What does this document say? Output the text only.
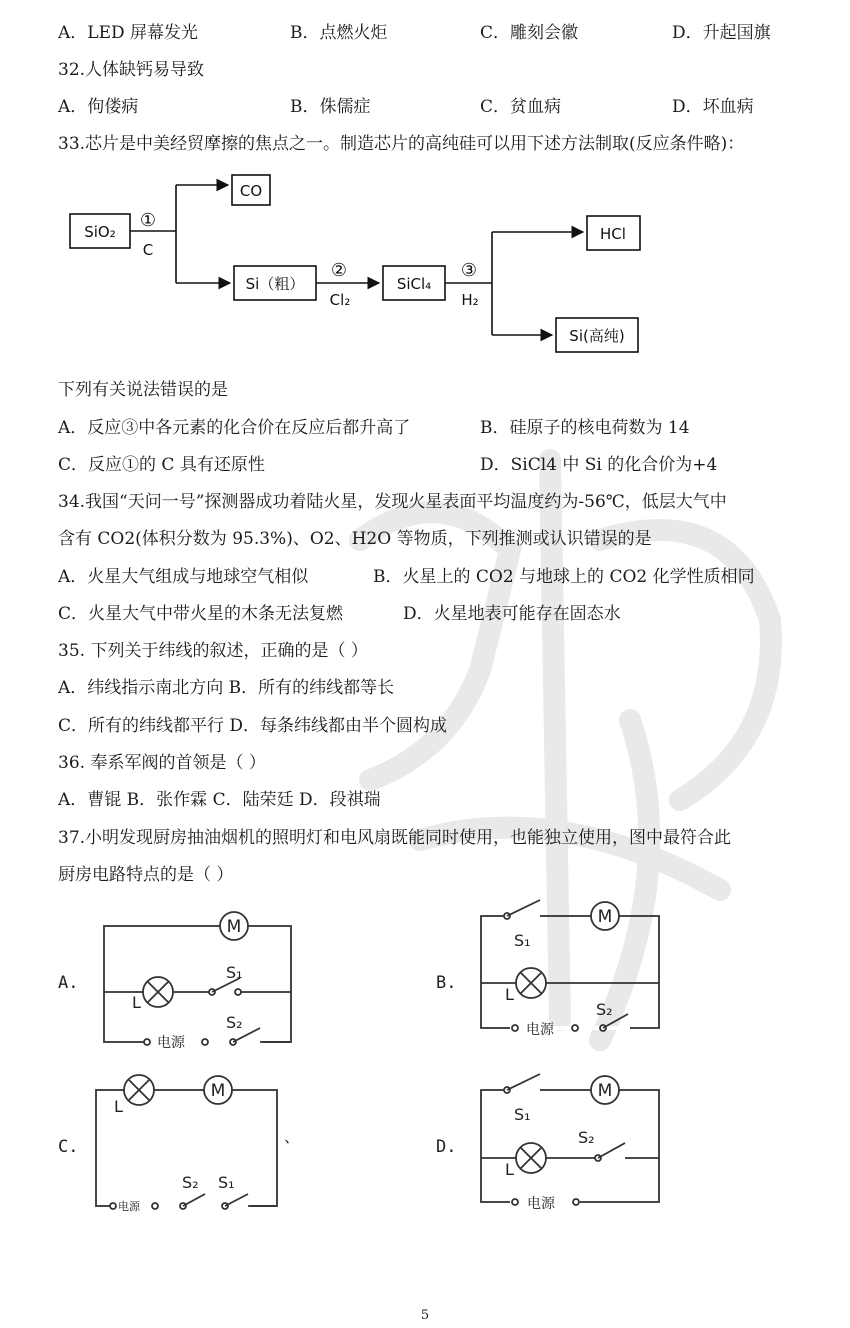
A．LED 屏幕发光	B．点燃火炬	C．雕刻会徽	D．升起国旗
32.人体缺钙易导致
A．佝偻病	B．侏儒症	C．贫血病	D．坏血病
33.芯片是中美经贸摩擦的焦点之一。制造芯片的高纯硅可以用下述方法制取(反应条件略)：
SiO₂
CO
Si（粗）	SiCl₄
HCl
Si(高纯)
①
C
②
Cl₂
③
H₂
下列有关说法错误的是
A．反应③中各元素的化合价在反应后都升高了	B．硅原子的核电荷数为 14
C．反应①的 C 具有还原性	D．SiCl4 中 Si 的化合价为+4
34.我国“天问一号”探测器成功着陆火星，发现火星表面平均温度约为-56℃，低层大气中
含有 CO2(体积分数为 95.3%)、O2、H2O 等物质，下列推测或认识错误的是
A．火星大气组成与地球空气相似	B．火星上的 CO2 与地球上的 CO2 化学性质相同
C．火星大气中带火星的木条无法复燃	D．火星地表可能存在固态水
35. 下列关于纬线的叙述，正确的是（ ）
A．纬线指示南北方向 B．所有的纬线都等长
C．所有的纬线都平行 D．每条纬线都由半个圆构成
36. 奉系军阀的首领是（ ）
A．曹锟 B．张作霖 C．陆荣廷 D．段祺瑞
37.小明发现厨房抽油烟机的照明灯和电风扇既能同时使用，也能独立使用，图中最符合此
厨房电路特点的是（ ）
A.	B.
C.	D.
M
L
S₁
S₂
电源
M
S₁
L
S₂
电源
M
L
S₂ S₁
电源
、
M
S₁
S₂
L
电源
5
